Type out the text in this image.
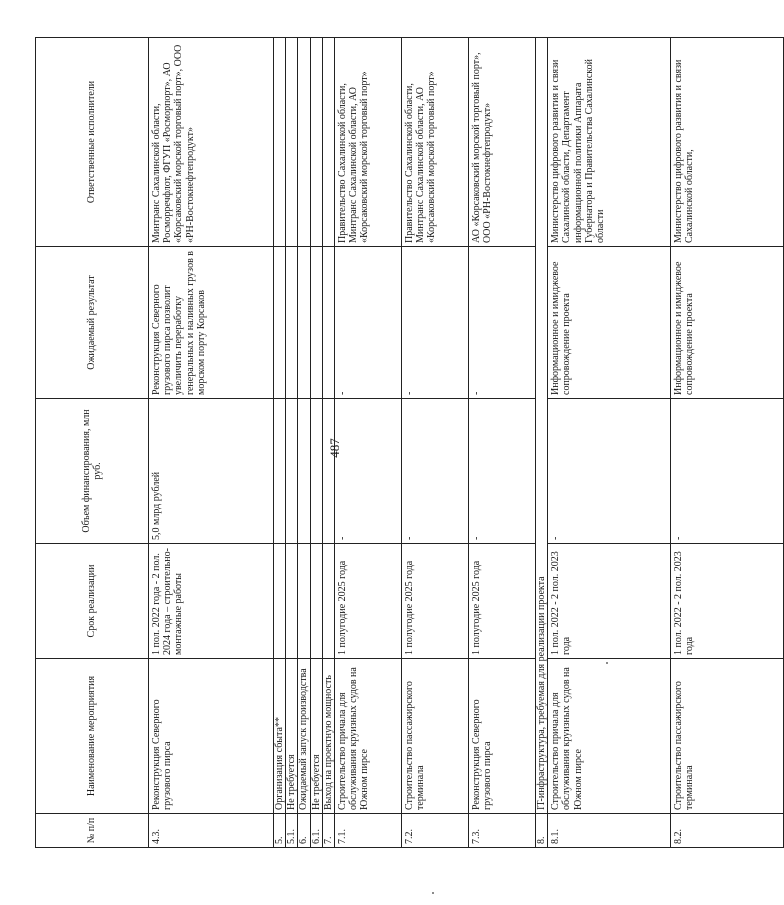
№ п/п	Наименование мероприятия	Срок реализации	Объем финансирования, млн руб.	Ожидаемый результат	Ответственные исполнители
4.3.	Реконструкция Северного грузового пирса	1 пол. 2022 года - 2 пол. 2024 года – строительно-монтажные работы	5,0 млрд рублей	Реконструкция Северного грузового пирса позволит увеличить переработку генеральных и наливных грузов в морском порту Корсаков	Минтранс Сахалинской области, Росморречфлот, ФГУП «Росморпорт», АО «Корсаковский морской торговый порт», ООО «РН-Востокнефтепродукт»
5.	Организация сбыта**				
5.1.	Не требуется				
6.	Ожидаемый запуск производства				
6.1.	Не требуется				
7.	Выход на проектную мощность				
7.1.	Строительство причала для обслуживания круизных судов на Южном пирсе	1 полугодие 2025 года	-	-	Правительство Сахалинской области, Минтранс Сахалинской области, АО «Корсаковский морской торговый порт»
7.2.	Строительство пассажирского терминала	1 полугодие 2025 года	-	-	Правительство Сахалинской области, Минтранс Сахалинской области, АО «Корсаковский морской торговый порт»
7.3.	Реконструкция Северного грузового пирса	1 полугодие 2025 года	-	-	АО «Корсаковский морской торговый порт», ООО «РН-Востокнефтепродукт»
8.	IT-инфраструктура, требуемая для реализации проекта				
8.1.	Строительство причала для обслуживания круизных судов на Южном пирсе	1 пол. 2022 - 2 пол. 2023 года	-	Информационное и имиджевое сопровождение проекта	Министерство цифрового развития и связи Сахалинской области, Департамент информационной политики Аппарата Губернатора и Правительства Сахалинской области
8.2.	Строительство пассажирского терминала	1 пол. 2022 - 2 пол. 2023 года	-	Информационное и имиджевое сопровождение проекта	Министерство цифрового развития и связи Сахалинской области,
487
